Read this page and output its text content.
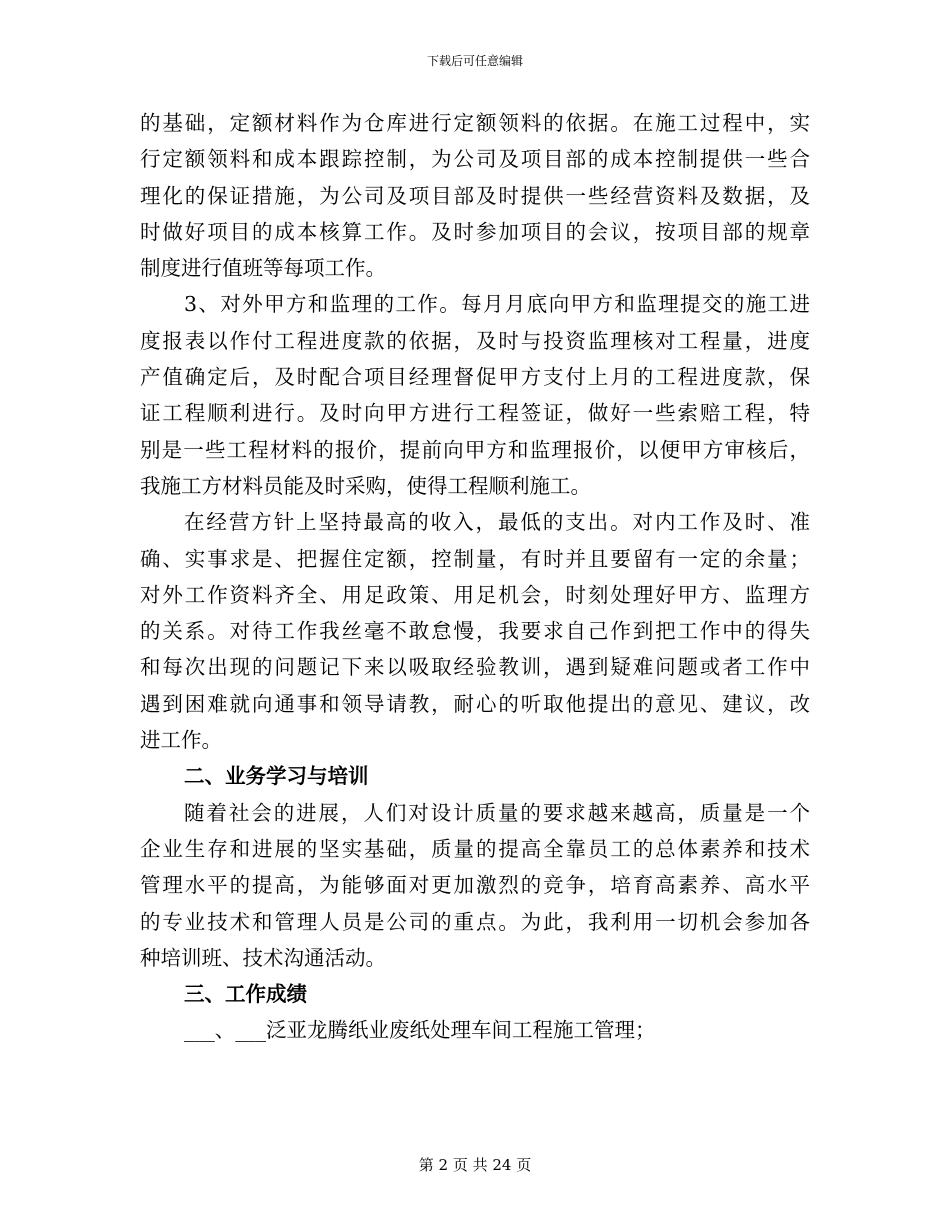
下载后可任意编辑
的基础，定额材料作为仓库进行定额领料的依据。在施工过程中，实
行定额领料和成本跟踪控制，为公司及项目部的成本控制提供一些合
理化的保证措施，为公司及项目部及时提供一些经营资料及数据，及
时做好项目的成本核算工作。及时参加项目的会议，按项目部的规章
制度进行值班等每项工作。
3、对外甲方和监理的工作。每月月底向甲方和监理提交的施工进
度报表以作付工程进度款的依据，及时与投资监理核对工程量，进度
产值确定后，及时配合项目经理督促甲方支付上月的工程进度款，保
证工程顺利进行。及时向甲方进行工程签证，做好一些索赔工程，特
别是一些工程材料的报价，提前向甲方和监理报价，以便甲方审核后，
我施工方材料员能及时采购，使得工程顺利施工。
在经营方针上坚持最高的收入，最低的支出。对内工作及时、准
确、实事求是、把握住定额，控制量，有时并且要留有一定的余量；
对外工作资料齐全、用足政策、用足机会，时刻处理好甲方、监理方
的关系。对待工作我丝毫不敢怠慢，我要求自己作到把工作中的得失
和每次出现的问题记下来以吸取经验教训，遇到疑难问题或者工作中
遇到困难就向通事和领导请教，耐心的听取他提出的意见、建议，改
进工作。
二、业务学习与培训
随着社会的进展，人们对设计质量的要求越来越高，质量是一个
企业生存和进展的坚实基础，质量的提高全靠员工的总体素养和技术
管理水平的提高，为能够面对更加激烈的竞争，培育高素养、高水平
的专业技术和管理人员是公司的重点。为此，我利用一切机会参加各
种培训班、技术沟通活动。
三、工作成绩
___、___泛亚龙腾纸业废纸处理车间工程施工管理；
第 2 页 共 24 页
